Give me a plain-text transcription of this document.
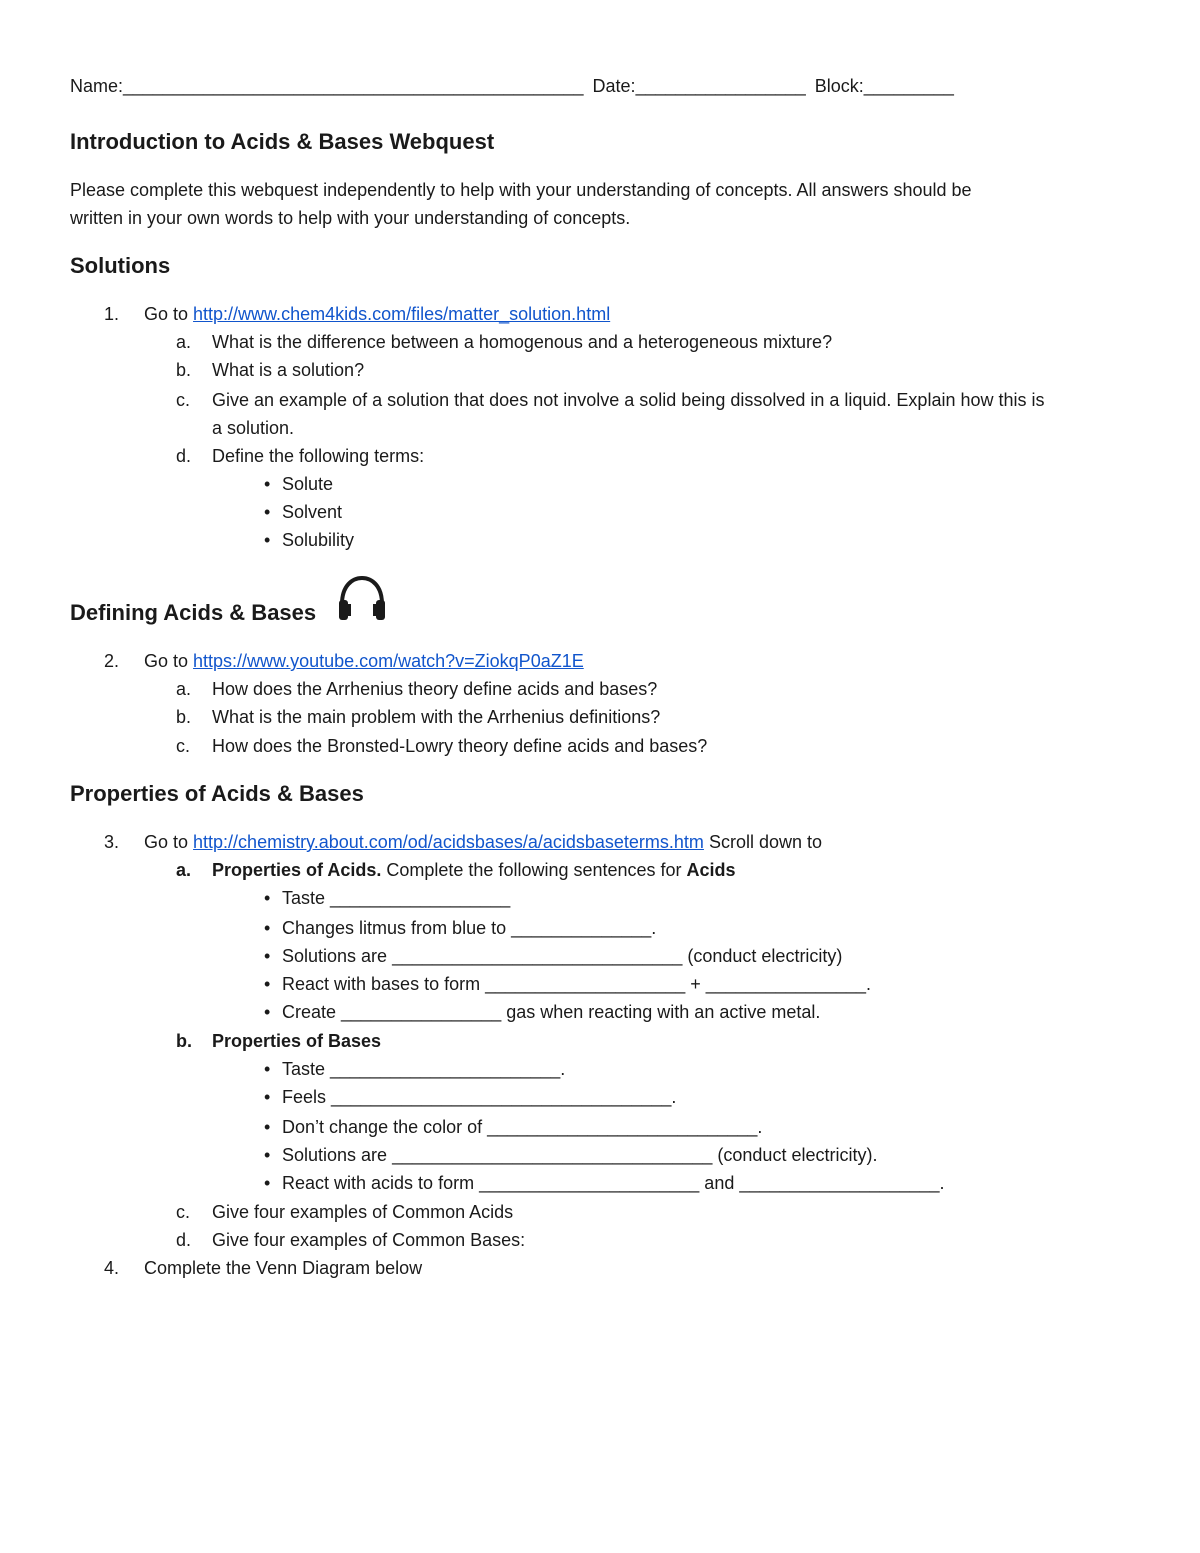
Name:______________________________________________ Date:_________________ Block:_________
Introduction to Acids & Bases Webquest
Please complete this webquest independently to help with your understanding of concepts. All answers should be
written in your own words to help with your understanding of concepts.
Solutions
1. Go to http://www.chem4kids.com/files/matter_solution.html
a. What is the difference between a homogenous and a heterogeneous mixture?
b. What is a solution?
c. Give an example of a solution that does not involve a solid being dissolved in a liquid. Explain how this is
a solution.
d. Define the following terms:
• Solute
• Solvent
• Solubility
Defining Acids & Bases
2. Go to https://www.youtube.com/watch?v=ZiokqP0aZ1E
a. How does the Arrhenius theory define acids and bases?
b. What is the main problem with the Arrhenius definitions?
c. How does the Bronsted-Lowry theory define acids and bases?
Properties of Acids & Bases
3. Go to http://chemistry.about.com/od/acidsbases/a/acidsbaseterms.htm Scroll down to
a. Properties of Acids. Complete the following sentences for Acids
• Taste __________________
• Changes litmus from blue to ______________.
• Solutions are _____________________________ (conduct electricity)
• React with bases to form ____________________ + ________________.
• Create ________________ gas when reacting with an active metal.
b. Properties of Bases
• Taste _______________________.
• Feels __________________________________.
• Don’t change the color of ___________________________.
• Solutions are ________________________________ (conduct electricity).
• React with acids to form ______________________ and ____________________.
c. Give four examples of Common Acids
d. Give four examples of Common Bases:
4. Complete the Venn Diagram below
